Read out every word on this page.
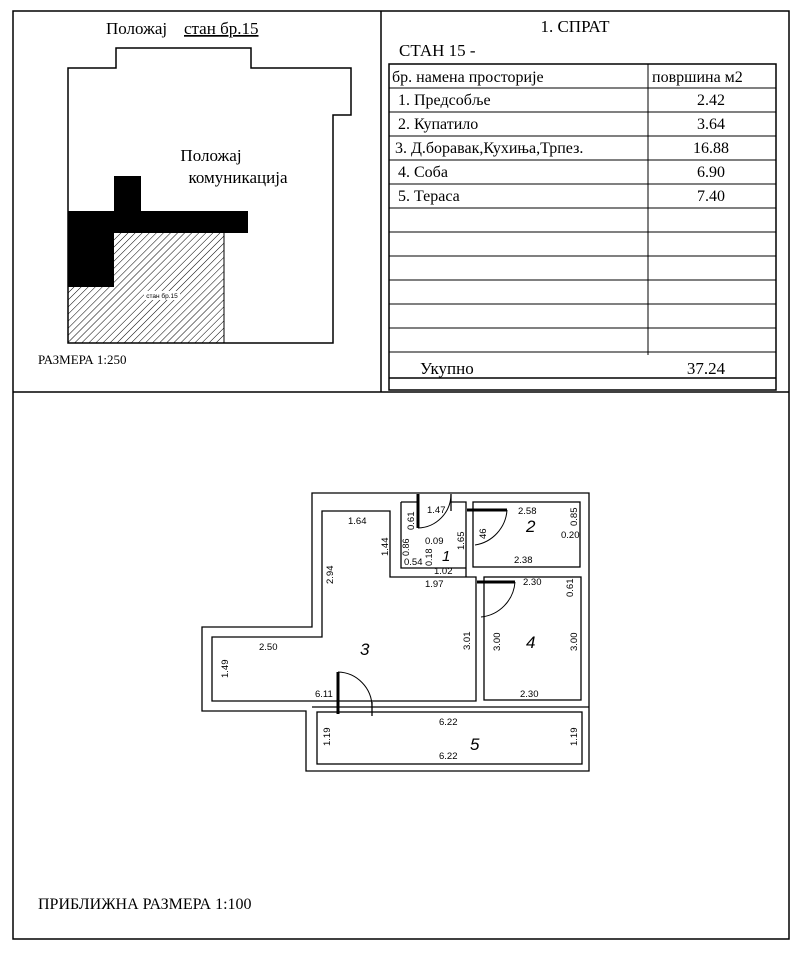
Положај стан бр.15
стан бр.15
Положај
комуникација
РАЗМЕРА 1:250
1. СПРАТ
СТАН 15 -
бр. намена просторије	површина м2
1. Предсобље	2.42
2. Купатило	3.64
3. Д.боравак,Кухиња,Трпез.	16.88
4. Соба	6.90
5. Тераса	7.40
Укупно	37.24
1
2
3	4
5
1.64
1.47
0.61	2.58	0.85
0.20
1.44 0.86
0.54
0.09
0.18
1.02
1.65 46
2.38
1.97
2.94	2.30 0.61
3.01 3.00	3.00
2.50
1.49
6.11	2.30
6.22
1.19	1.19
6.22
ПРИБЛИЖНА РАЗМЕРА 1:100
